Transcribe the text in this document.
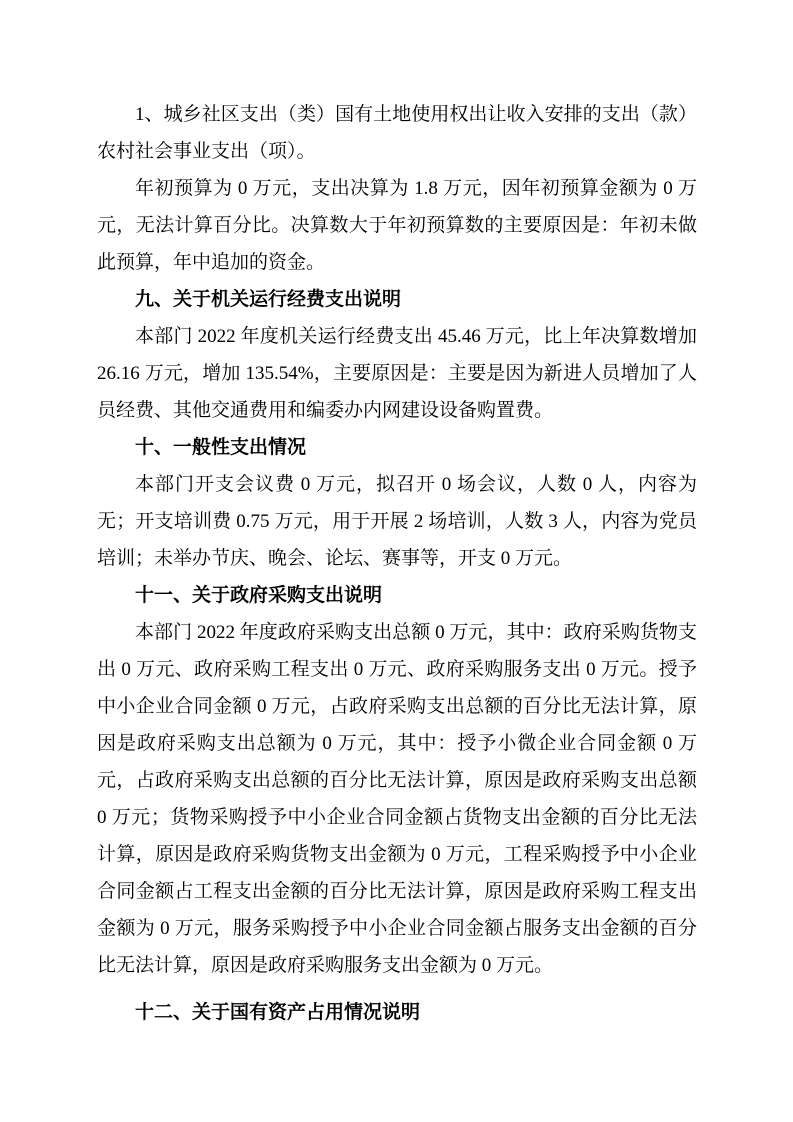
1、城乡社区支出（类）国有土地使用权出让收入安排的支出（款）农村社会事业支出（项）。

年初预算为 0 万元，支出决算为 1.8 万元，因年初预算金额为 0 万元，无法计算百分比。决算数大于年初预算数的主要原因是：年初未做此预算，年中追加的资金。

九、关于机关运行经费支出说明

本部门 2022 年度机关运行经费支出 45.46 万元，比上年决算数增加 26.16 万元，增加 135.54%，主要原因是：主要是因为新进人员增加了人员经费、其他交通费用和编委办内网建设设备购置费。

十、一般性支出情况

本部门开支会议费 0 万元，拟召开 0 场会议，人数 0 人，内容为无；开支培训费 0.75 万元，用于开展 2 场培训，人数 3 人，内容为党员培训；未举办节庆、晚会、论坛、赛事等，开支 0 万元。

十一、关于政府采购支出说明

本部门 2022 年度政府采购支出总额 0 万元，其中：政府采购货物支出 0 万元、政府采购工程支出 0 万元、政府采购服务支出 0 万元。授予中小企业合同金额 0 万元，占政府采购支出总额的百分比无法计算，原因是政府采购支出总额为 0 万元，其中：授予小微企业合同金额 0 万元，占政府采购支出总额的百分比无法计算，原因是政府采购支出总额 0 万元；货物采购授予中小企业合同金额占货物支出金额的百分比无法计算，原因是政府采购货物支出金额为 0 万元，工程采购授予中小企业合同金额占工程支出金额的百分比无法计算，原因是政府采购工程支出金额为 0 万元，服务采购授予中小企业合同金额占服务支出金额的百分比无法计算，原因是政府采购服务支出金额为 0 万元。

十二、关于国有资产占用情况说明
